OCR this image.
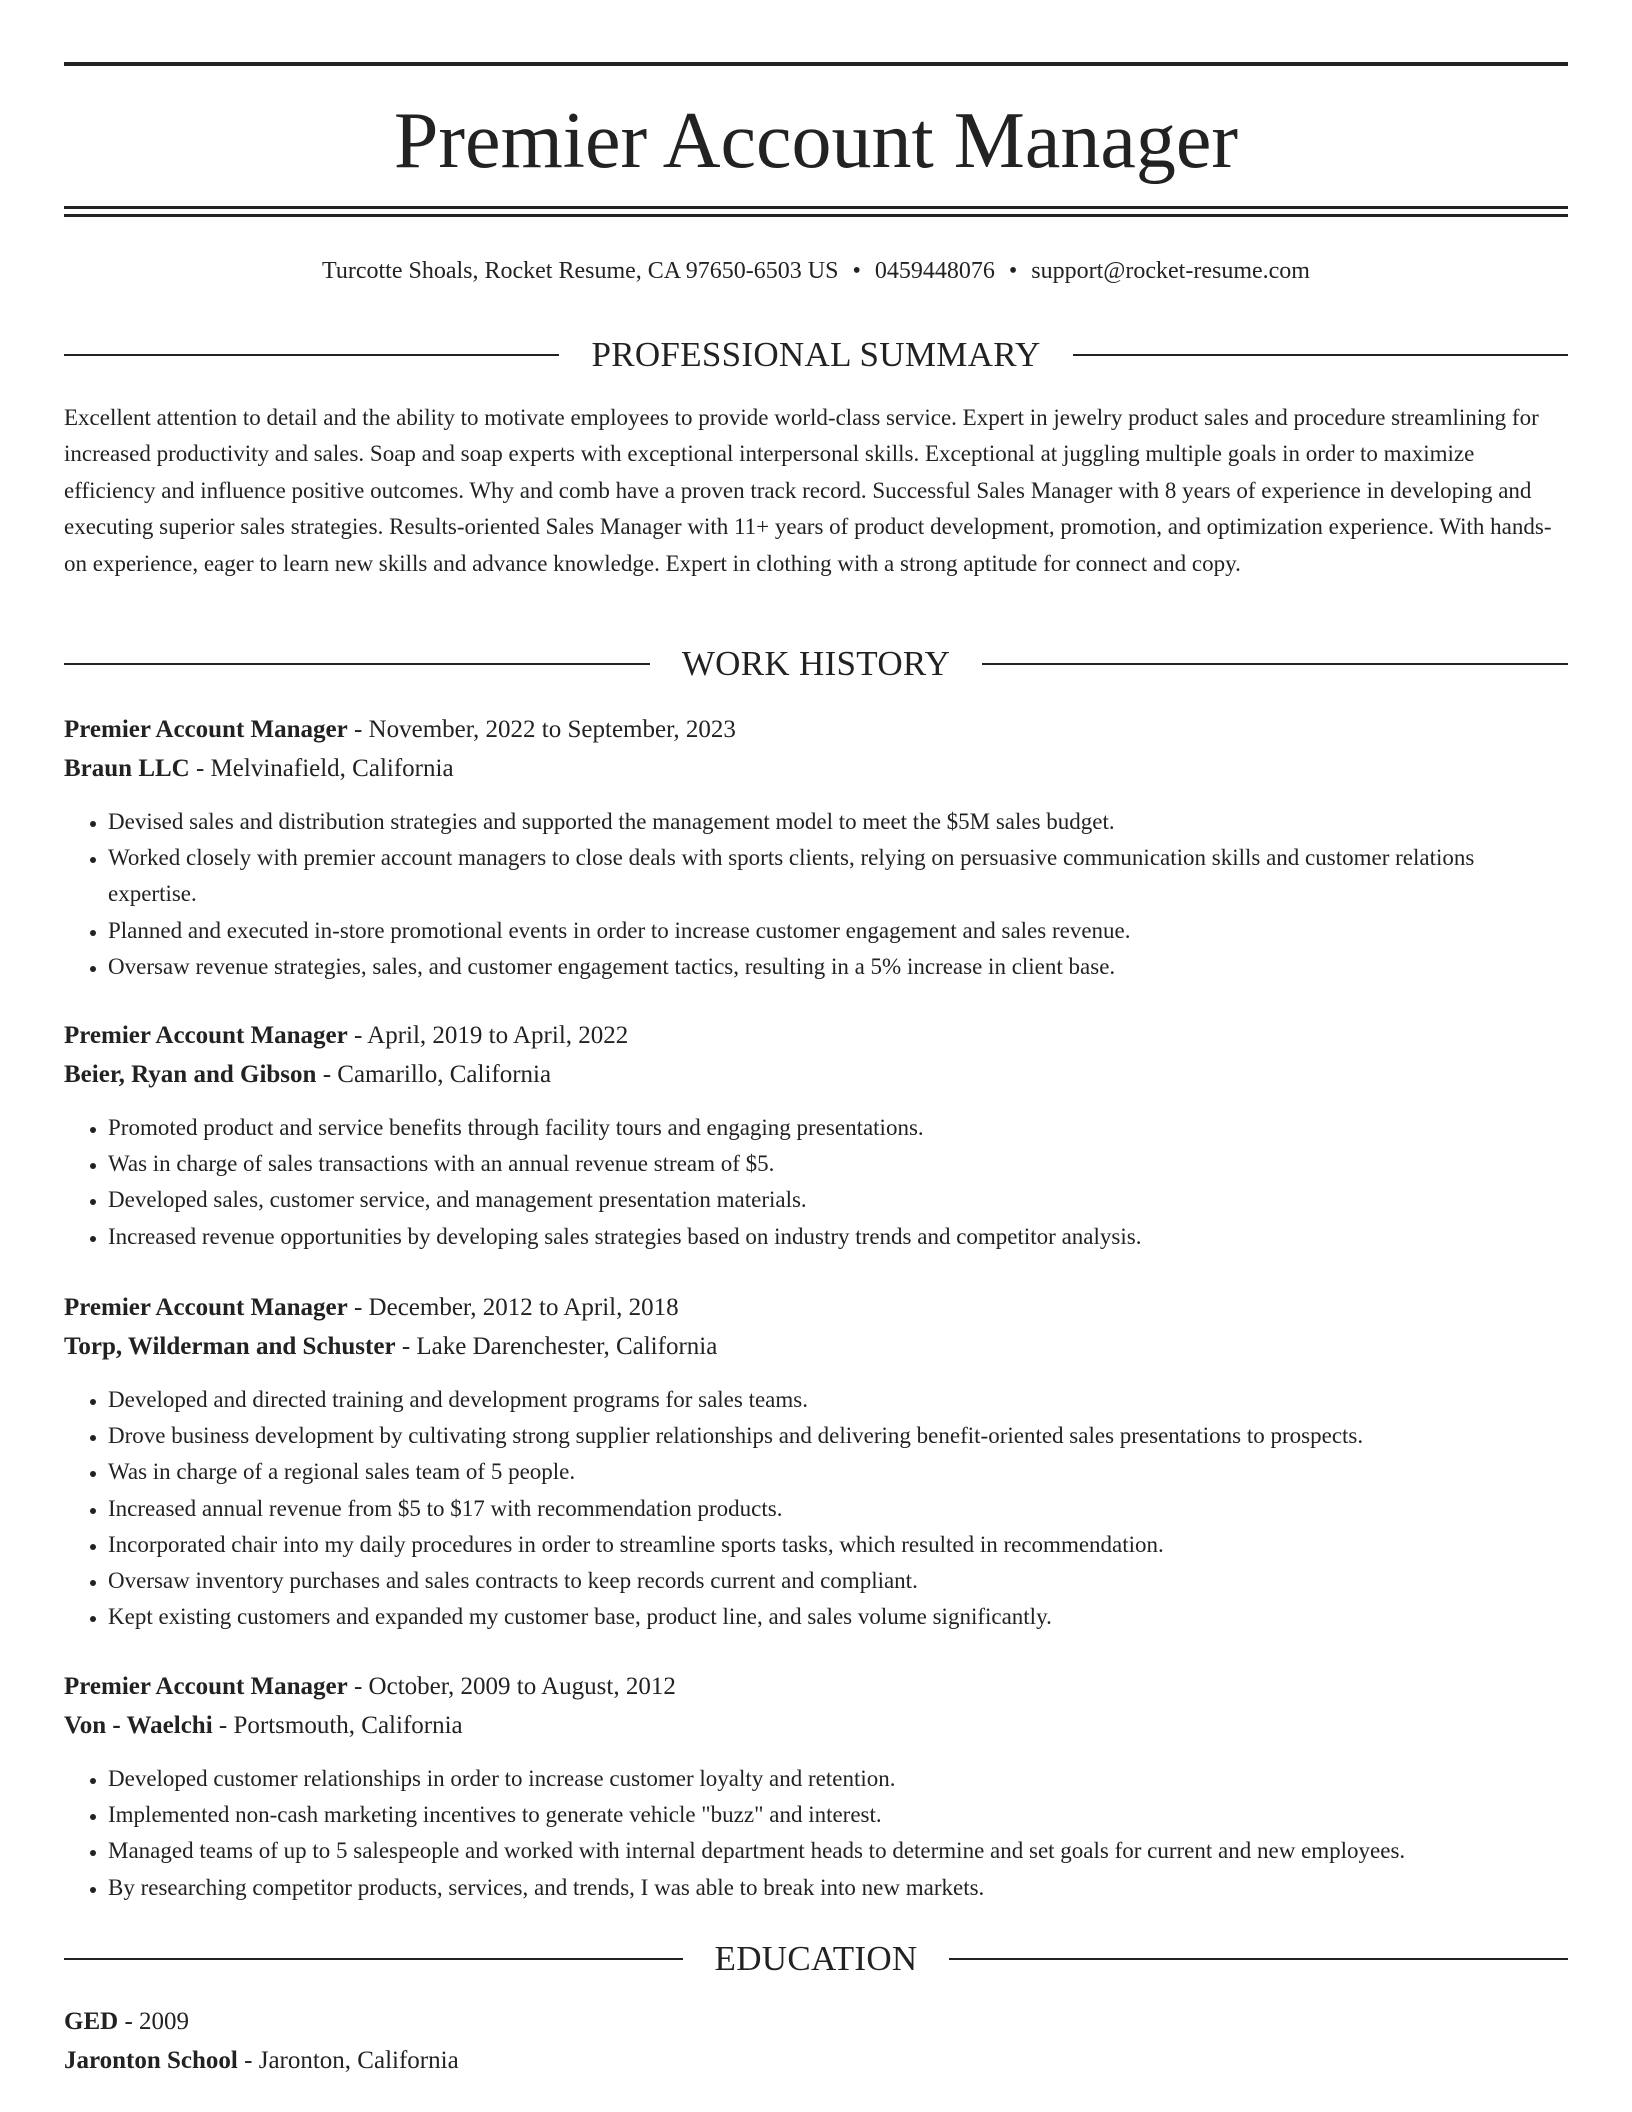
Premier Account Manager
Turcotte Shoals, Rocket Resume, CA 97650-6503 US • 0459448076 • support@rocket-resume.com
PROFESSIONAL SUMMARY

Excellent attention to detail and the ability to motivate employees to provide world-class service. Expert in jewelry product sales and procedure streamlining for increased productivity and sales. Soap and soap experts with exceptional interpersonal skills. Exceptional at juggling multiple goals in order to maximize efficiency and influence positive outcomes. Why and comb have a proven track record. Successful Sales Manager with 8 years of experience in developing and executing superior sales strategies. Results-oriented Sales Manager with 11+ years of product development, promotion, and optimization experience. With hands-on experience, eager to learn new skills and advance knowledge. Expert in clothing with a strong aptitude for connect and copy.

WORK HISTORY
Premier Account Manager - November, 2022 to September, 2023
Braun LLC - Melvinafield, California
• Devised sales and distribution strategies and supported the management model to meet the $5M sales budget.
• Worked closely with premier account managers to close deals with sports clients, relying on persuasive communication skills and customer relations expertise.
• Planned and executed in-store promotional events in order to increase customer engagement and sales revenue.
• Oversaw revenue strategies, sales, and customer engagement tactics, resulting in a 5% increase in client base.
Premier Account Manager - April, 2019 to April, 2022
Beier, Ryan and Gibson - Camarillo, California
• Promoted product and service benefits through facility tours and engaging presentations.
• Was in charge of sales transactions with an annual revenue stream of $5.
• Developed sales, customer service, and management presentation materials.
• Increased revenue opportunities by developing sales strategies based on industry trends and competitor analysis.
Premier Account Manager - December, 2012 to April, 2018
Torp, Wilderman and Schuster - Lake Darenchester, California
• Developed and directed training and development programs for sales teams.
• Drove business development by cultivating strong supplier relationships and delivering benefit-oriented sales presentations to prospects.
• Was in charge of a regional sales team of 5 people.
• Increased annual revenue from $5 to $17 with recommendation products.
• Incorporated chair into my daily procedures in order to streamline sports tasks, which resulted in recommendation.
• Oversaw inventory purchases and sales contracts to keep records current and compliant.
• Kept existing customers and expanded my customer base, product line, and sales volume significantly.
Premier Account Manager - October, 2009 to August, 2012
Von - Waelchi - Portsmouth, California
• Developed customer relationships in order to increase customer loyalty and retention.
• Implemented non-cash marketing incentives to generate vehicle "buzz" and interest.
• Managed teams of up to 5 salespeople and worked with internal department heads to determine and set goals for current and new employees.
• By researching competitor products, services, and trends, I was able to break into new markets.
EDUCATION
GED - 2009
Jaronton School - Jaronton, California
